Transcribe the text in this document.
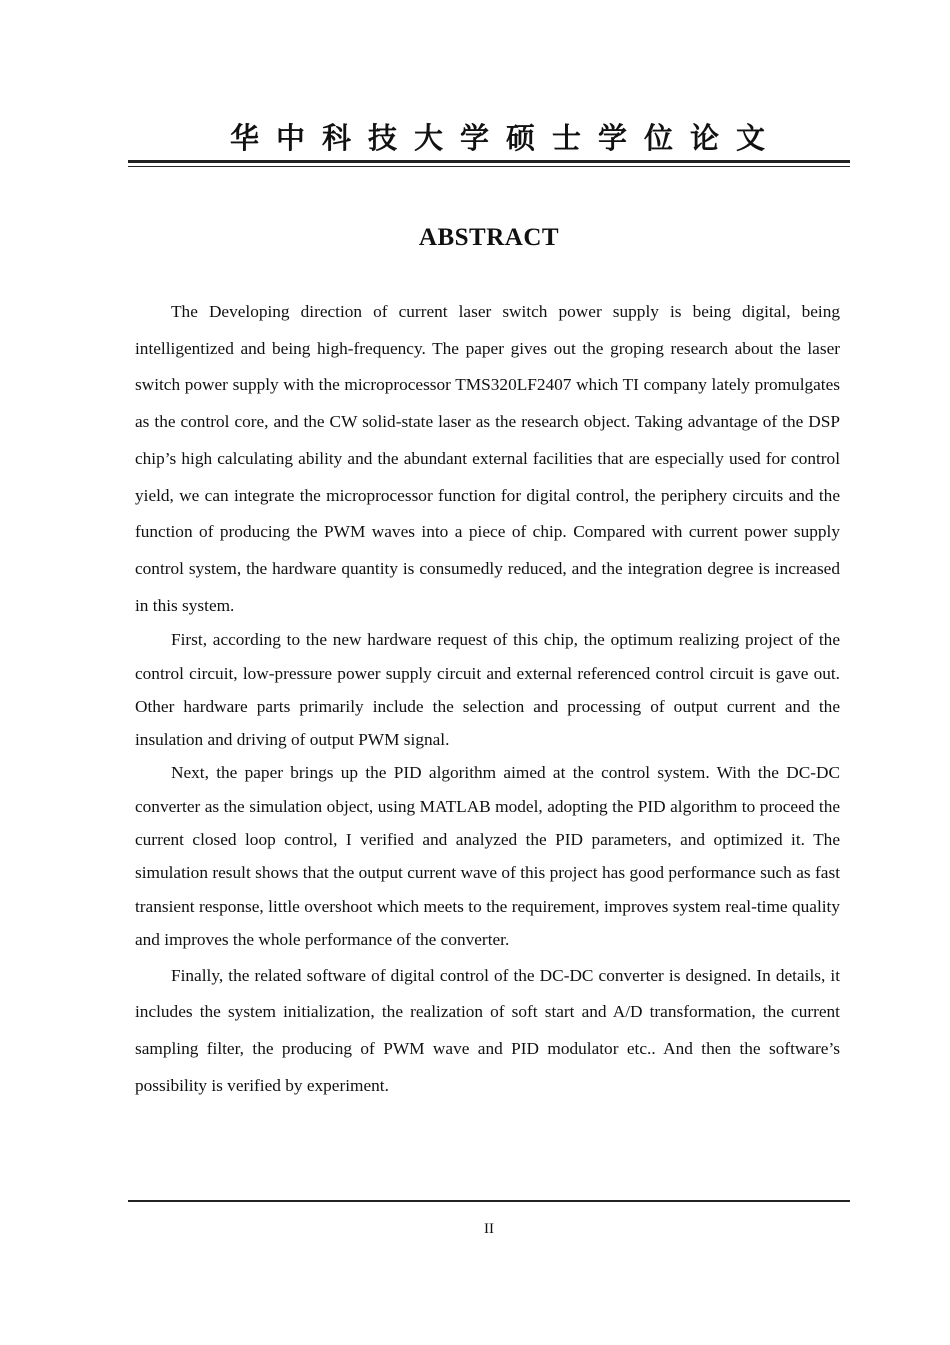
华中科技大学硕士学位论文
ABSTRACT

The Developing direction of current laser switch power supply is being digital, being intelligentized and being high-frequency. The paper gives out the groping research about the laser switch power supply with the microprocessor TMS320LF2407 which TI company lately promulgates as the control core, and the CW solid-state laser as the research object. Taking advantage of the DSP chip’s high calculating ability and the abundant external facilities that are especially used for control yield, we can integrate the microprocessor function for digital control, the periphery circuits and the function of producing the PWM waves into a piece of chip. Compared with current power supply control system, the hardware quantity is consumedly reduced, and the integration degree is increased in this system.

First, according to the new hardware request of this chip, the optimum realizing project of the control circuit, low-pressure power supply circuit and external referenced control circuit is gave out. Other hardware parts primarily include the selection and processing of output current and the insulation and driving of output PWM signal.

Next, the paper brings up the PID algorithm aimed at the control system. With the DC-DC converter as the simulation object, using MATLAB model, adopting the PID algorithm to proceed the current closed loop control, I verified and analyzed the PID parameters, and optimized it. The simulation result shows that the output current wave of this project has good performance such as fast transient response, little overshoot which meets to the requirement, improves system real-time quality and improves the whole performance of the converter.

Finally, the related software of digital control of the DC-DC converter is designed. In details, it includes the system initialization, the realization of soft start and A/D transformation, the current sampling filter, the producing of PWM wave and PID modulator etc.. And then the software’s possibility is verified by experiment.

II
